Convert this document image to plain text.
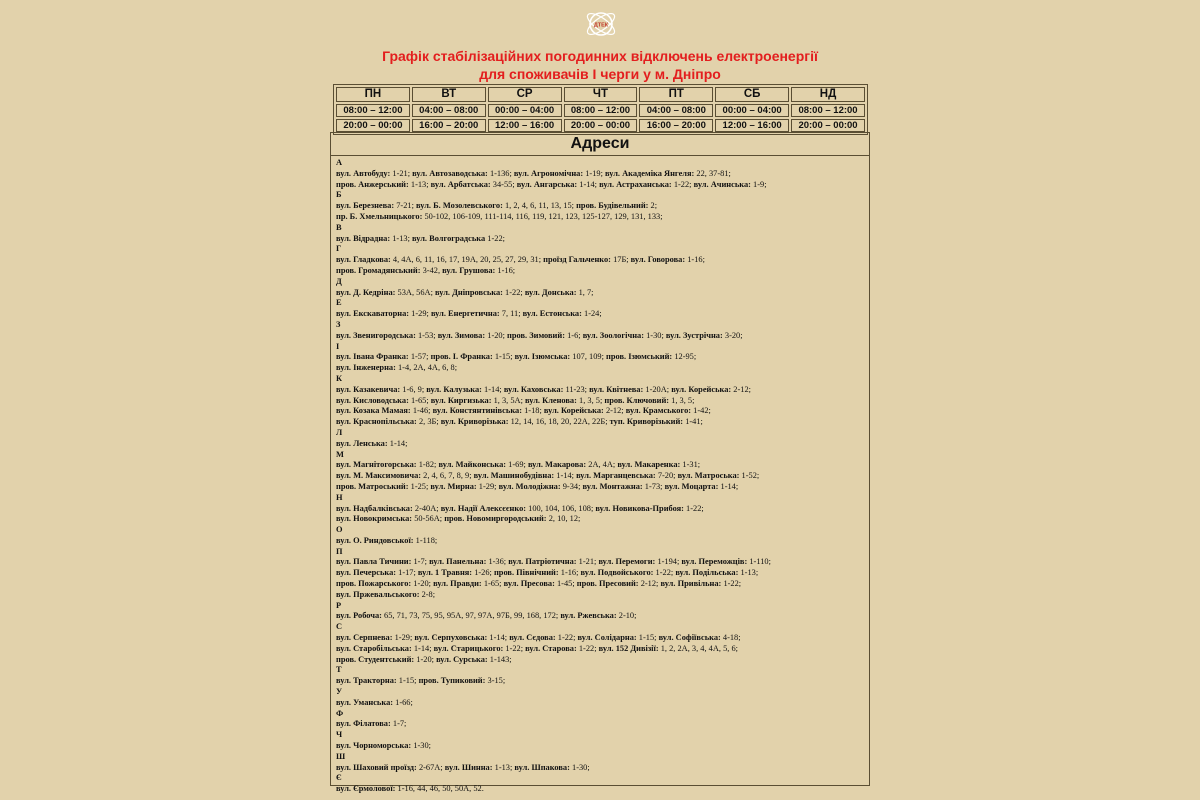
ДТЕК
Графік стабілізаційних погодинних відключень електроенергії
для споживачів І черги у м. Дніпро
ПН	ВТ	СР	ЧТ	ПТ	СБ	НД
08:00 – 12:00	04:00 – 08:00	00:00 – 04:00	08:00 – 12:00	04:00 – 08:00	00:00 – 04:00	08:00 – 12:00
20:00 – 00:00	16:00 – 20:00	12:00 – 16:00	20:00 – 00:00	16:00 – 20:00	12:00 – 16:00	20:00 – 00:00
Адреси
А
вул. Автобуду: 1-21; вул. Автозаводська: 1-136; вул. Агрономічна: 1-19; вул. Академіка Янгеля: 22, 37-81;
пров. Анжерський: 1-13; вул. Арбатська: 34-55; вул. Ангарська: 1-14; вул. Астраханська: 1-22; вул. Ачинська: 1-9;
Б
вул. Березнева: 7-21; вул. Б. Мозолевського: 1, 2, 4, 6, 11, 13, 15; пров. Будівельний: 2;
пр. Б. Хмельницького: 50-102, 106-109, 111-114, 116, 119, 121, 123, 125-127, 129, 131, 133;
В
вул. Відрадна: 1-13; вул. Волгоградська 1-22;
Г
вул. Гладкова: 4, 4А, 6, 11, 16, 17, 19А, 20, 25, 27, 29, 31; проїзд Гальченко: 17Б; вул. Говорова: 1-16;
пров. Громадянський: 3-42, вул. Грушова: 1-16;
Д
вул. Д. Кедріна: 53А, 56А; вул. Дніпровська: 1-22; вул. Донська: 1, 7;
Е
вул. Екскаваторна: 1-29; вул. Енергетична: 7, 11; вул. Естонська: 1-24;
З
вул. Звенигородська: 1-53; вул. Зимова: 1-20; пров. Зимовий: 1-6; вул. Зоологічна: 1-30; вул. Зустрічна: 3-20;
І
вул. Івана Франка: 1-57; пров. І. Франка: 1-15; вул. Ізюмська: 107, 109; пров. Ізюмський: 12-95;
вул. Інженерна: 1-4, 2А, 4А, 6, 8;
К
вул. Казакевича: 1-6, 9; вул. Калузька: 1-14; вул. Каховська: 11-23; вул. Квітнева: 1-20А; вул. Корейська: 2-12;
вул. Кисловодська: 1-65; вул. Киргизька: 1, 3, 5А; вул. Кленова: 1, 3, 5; пров. Ключовий: 1, 3, 5;
вул. Козака Мамая: 1-46; вул. Констянтинівська: 1-18; вул. Корейська: 2-12; вул. Крамського: 1-42;
вул. Краснопільська: 2, 3Б; вул. Криворізька: 12, 14, 16, 18, 20, 22А, 22Б; туп. Криворізький: 1-41;
Л
вул. Ленська: 1-14;
М
вул. Магнітогорська: 1-82; вул. Майконська: 1-69; вул. Макарова: 2А, 4А; вул. Макаренка: 1-31;
вул. М. Максимовича: 2, 4, 6, 7, 8, 9; вул. Машинобудівна: 1-14; вул. Марганцевська: 7-20; вул. Матроська: 1-52;
пров. Матроський: 1-25; вул. Мирна: 1-29; вул. Молодіжна: 9-34; вул. Монтажна: 1-73; вул. Моцарта: 1-14;
Н
вул. Надбалківська: 2-40А; вул. Надії Алексєєнко: 100, 104, 106, 108; вул. Новикова-Прибоя: 1-22;
вул. Новокримська: 50-56А; пров. Новомиргородський: 2, 10, 12;
О
вул. О. Риндовської: 1-118;
П
вул. Павла Тичини: 1-7; вул. Панельна: 1-36; вул. Патріотична: 1-21; вул. Перемоги: 1-194; вул. Переможців: 1-110;
вул. Печерська: 1-17; вул. 1 Травня: 1-26; пров. Північний: 1-16; вул. Подвойського: 1-22; вул. Подільська: 1-13;
пров. Пожарського: 1-20; вул. Правди: 1-65; вул. Пресова: 1-45; пров. Пресовий: 2-12; вул. Привільна: 1-22;
вул. Пржевальського: 2-8;
Р
вул. Робоча: 65, 71, 73, 75, 95, 95А, 97, 97А, 97Б, 99, 168, 172; вул. Ржевська: 2-10;
С
вул. Серпнева: 1-29; вул. Серпуховська: 1-14; вул. Сєдова: 1-22; вул. Солідарна: 1-15; вул. Софіївська: 4-18;
вул. Старобільська: 1-14; вул. Старицького: 1-22; вул. Старова: 1-22; вул. 152 Дивізії: 1, 2, 2А, 3, 4, 4А, 5, 6;
пров. Студентський: 1-20; вул. Сурська: 1-143;
Т
вул. Тракторна: 1-15; пров. Тупиковий: 3-15;
У
вул. Уманська: 1-66;
Ф
вул. Філатова: 1-7;
Ч
вул. Чорноморська: 1-30;
Ш
вул. Шаховий проїзд: 2-67А; вул. Шинна: 1-13; вул. Шпакова: 1-30;
Є
вул. Єрмолової: 1-16, 44, 46, 50, 50А, 52.
